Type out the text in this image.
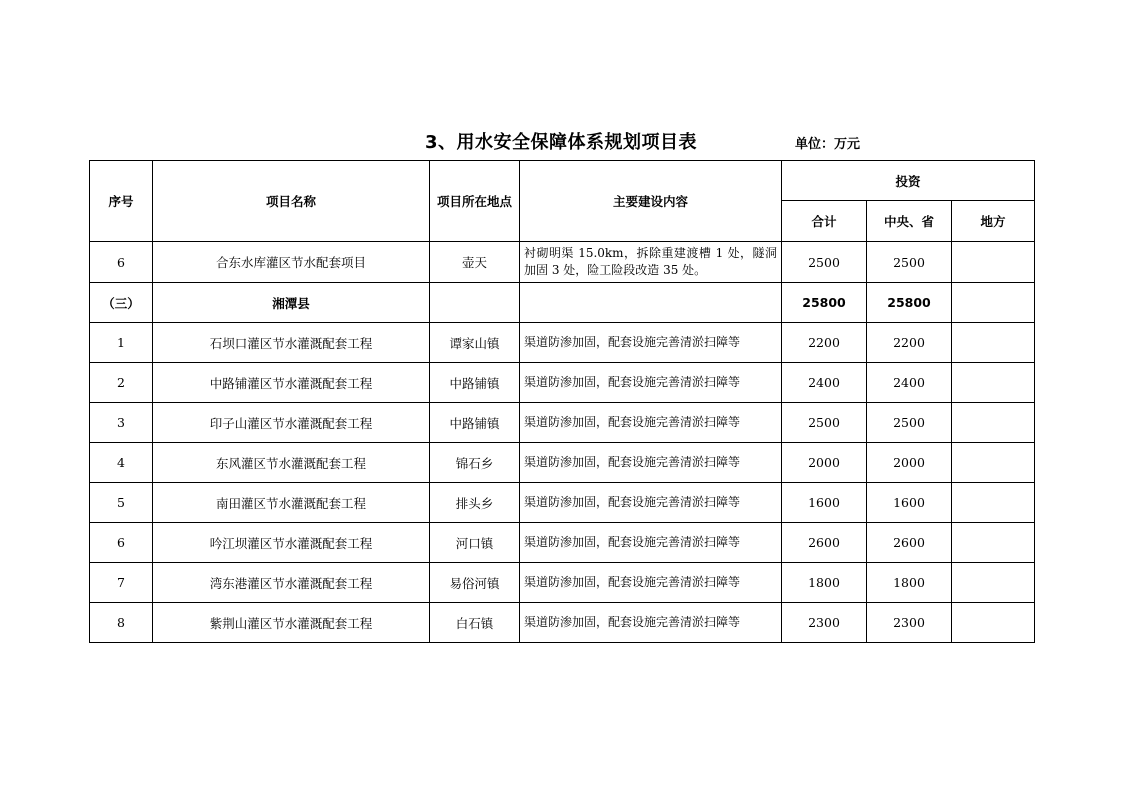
3、用水安全保障体系规划项目表	单位：万元
序号	项目名称	项目所在地点	主要建设内容	投资		
				合计	中央、省	地方
6	合东水库灌区节水配套项目	壶天	衬砌明渠 15.0km，拆除重建渡槽 1 处，隧洞加固 3 处，险工险段改造 35 处。	2500	2500	
（三）	湘潭县			25800	25800	
1	石坝口灌区节水灌溉配套工程	谭家山镇	渠道防渗加固，配套设施完善清淤扫障等	2200	2200	
2	中路铺灌区节水灌溉配套工程	中路铺镇	渠道防渗加固，配套设施完善清淤扫障等	2400	2400	
3	印子山灌区节水灌溉配套工程	中路铺镇	渠道防渗加固，配套设施完善清淤扫障等	2500	2500	
4	东风灌区节水灌溉配套工程	锦石乡	渠道防渗加固，配套设施完善清淤扫障等	2000	2000	
5	南田灌区节水灌溉配套工程	排头乡	渠道防渗加固，配套设施完善清淤扫障等	1600	1600	
6	吟江坝灌区节水灌溉配套工程	河口镇	渠道防渗加固，配套设施完善清淤扫障等	2600	2600	
7	湾东港灌区节水灌溉配套工程	易俗河镇	渠道防渗加固，配套设施完善清淤扫障等	1800	1800	
8	紫荆山灌区节水灌溉配套工程	白石镇	渠道防渗加固，配套设施完善清淤扫障等	2300	2300	
